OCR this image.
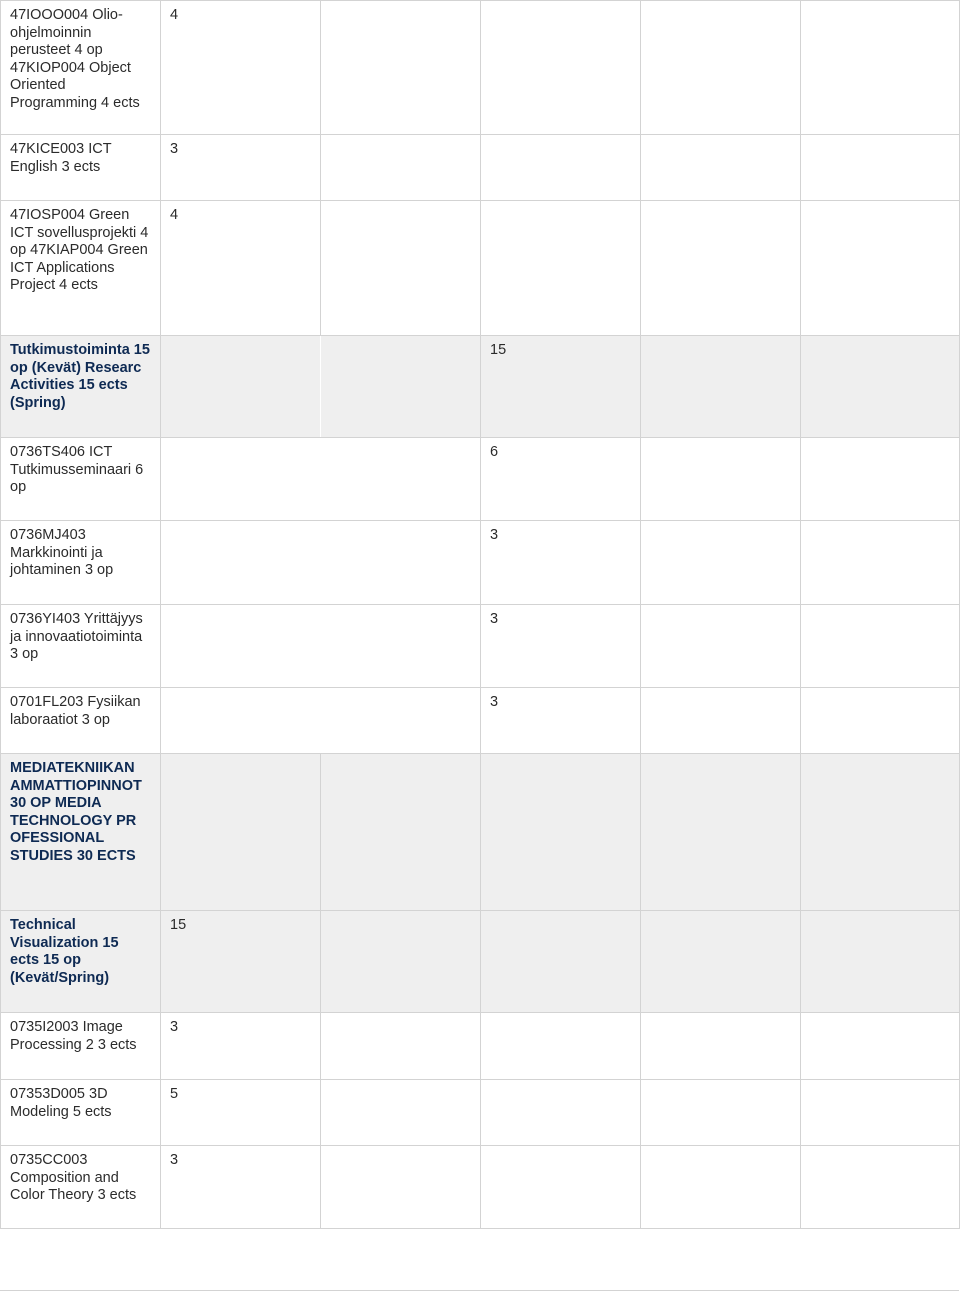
47IOOO004 Olio-ohjelmoinnin perusteet 4 op 47KIOP004 Object Oriented Programming 4 ects	4				
47KICE003 ICT English 3 ects	3				
47IOSP004 Green ICT sovellusprojekti 4 op 47KIAP004 Green ICT Applications Project 4 ects	4				
Tutkimustoiminta 15 op (Kevät) Researc Activities 15 ects (Spring)			15		
0736TS406 ICT Tutkimusseminaari 6 op			6		
0736MJ403 Markkinointi ja johtaminen 3 op			3		
0736YI403 Yrittäjyys ja innovaatiotoiminta 3 op			3		
0701FL203 Fysiikan laboraatiot 3 op			3		
MEDIATEKNIIKAN AMMATTIOPINNOT 30 OP MEDIA TECHNOLOGY PR OFESSIONAL STUDIES 30 ECTS					
Technical Visualization 15 ects 15 op (Kevät/Spring)	15				
0735I2003 Image Processing 2 3 ects	3				
07353D005 3D Modeling 5 ects	5				
0735CC003 Composition and Color Theory 3 ects	3				
